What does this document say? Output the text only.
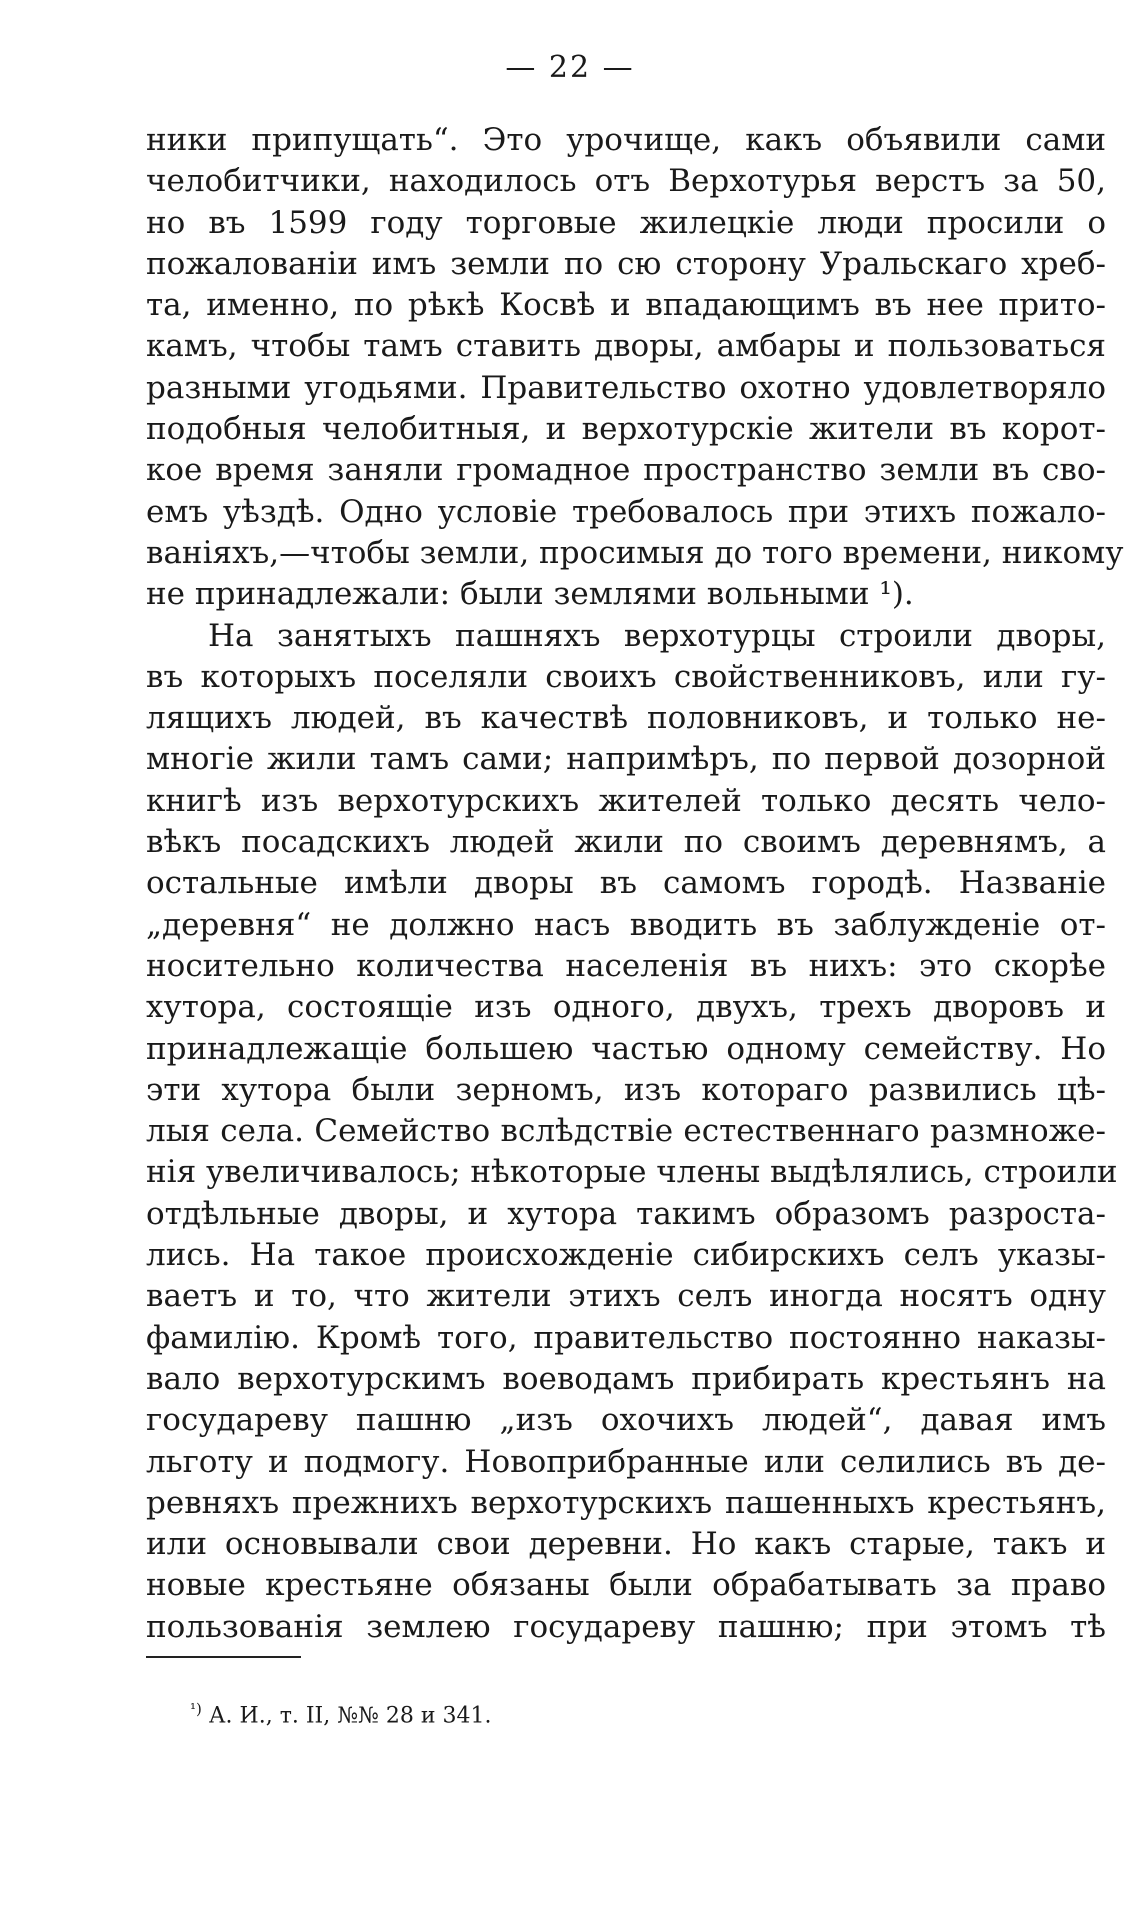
— 22 —
ники припущать“. Это урочище, какъ объявили сами
челобитчики, находилось отъ Верхотурья верстъ за 50,
но въ 1599 году торговые жилецкіе люди просили о
пожалованіи имъ земли по сю сторону Уральскаго хреб-
та, именно, по рѣкѣ Косвѣ и впадающимъ въ нее прито-
камъ, чтобы тамъ ставить дворы, амбары и пользоваться
разными угодьями. Правительство охотно удовлетворяло
подобныя челобитныя, и верхотурскіе жители въ корот-
кое время заняли громадное пространство земли въ сво-
емъ уѣздѣ. Одно условіе требовалось при этихъ пожало-
ваніяхъ,—чтобы земли, просимыя до того времени, никому
не принадлежали: были землями вольными ¹).
На занятыхъ пашняхъ верхотурцы строили дворы,
въ которыхъ поселяли своихъ свойственниковъ, или гу-
лящихъ людей, въ качествѣ половниковъ, и только не-
многіе жили тамъ сами; напримѣръ, по первой дозорной
книгѣ изъ верхотурскихъ жителей только десять чело-
вѣкъ посадскихъ людей жили по своимъ деревнямъ, а
остальные имѣли дворы въ самомъ городѣ. Названіе
„деревня“ не должно насъ вводить въ заблужденіе от-
носительно количества населенія въ нихъ: это скорѣе
хутора, состоящіе изъ одного, двухъ, трехъ дворовъ и
принадлежащіе большею частью одному семейству. Но
эти хутора были зерномъ, изъ котораго развились цѣ-
лыя села. Семейство вслѣдствіе естественнаго размноже-
нія увеличивалось; нѣкоторые члены выдѣлялись, строили
отдѣльные дворы, и хутора такимъ образомъ разроста-
лись. На такое происхожденіе сибирскихъ селъ указы-
ваетъ и то, что жители этихъ селъ иногда носятъ одну
фамилію. Кромѣ того, правительство постоянно наказы-
вало верхотурскимъ воеводамъ прибирать крестьянъ на
государеву пашню „изъ охочихъ людей“, давая имъ
льготу и подмогу. Новоприбранные или селились въ де-
ревняхъ прежнихъ верхотурскихъ пашенныхъ крестьянъ,
или основывали свои деревни. Но какъ старые, такъ и
новые крестьяне обязаны были обрабатывать за право
пользованія землею государеву пашню; при этомъ тѣ
$^{^1)}$ А. И., т. II, №№ 28 и 341.
